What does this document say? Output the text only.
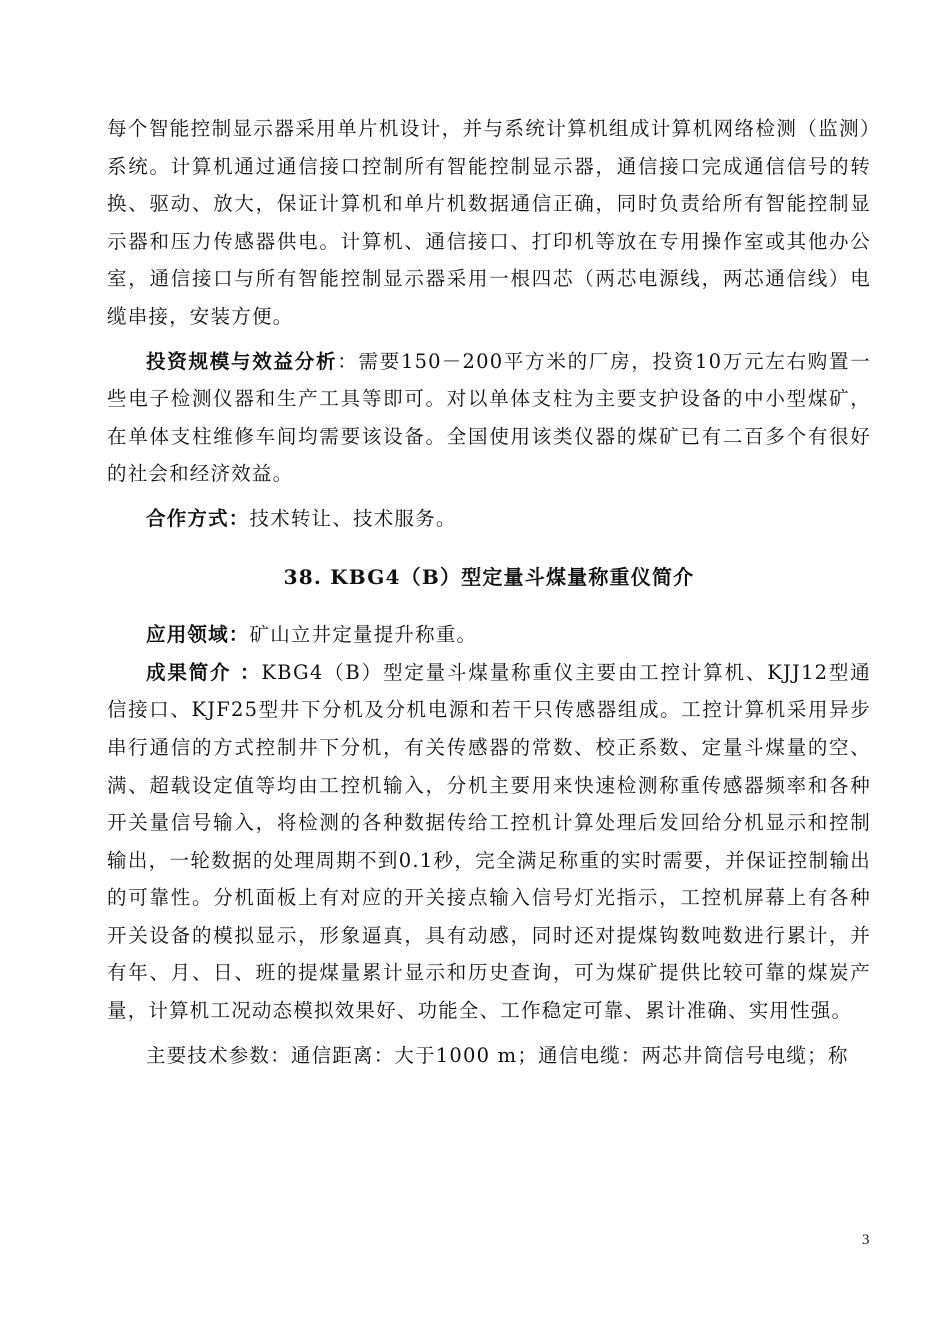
每个智能控制显示器采用单片机设计，并与系统计算机组成计算机网络检测（监测）系统。计算机通过通信接口控制所有智能控制显示器，通信接口完成通信信号的转换、驱动、放大，保证计算机和单片机数据通信正确，同时负责给所有智能控制显示器和压力传感器供电。计算机、通信接口、打印机等放在专用操作室或其他办公室，通信接口与所有智能控制显示器采用一根四芯（两芯电源线，两芯通信线）电缆串接，安装方便。

投资规模与效益分析：需要150－200平方米的厂房，投资10万元左右购置一些电子检测仪器和生产工具等即可。对以单体支柱为主要支护设备的中小型煤矿，在单体支柱维修车间均需要该设备。全国使用该类仪器的煤矿已有二百多个有很好的社会和经济效益。

合作方式：技术转让、技术服务。

38. KBG4（B）型定量斗煤量称重仪简介

应用领域：矿山立井定量提升称重。

成果简介 ：KBG4（B）型定量斗煤量称重仪主要由工控计算机、KJJ12型通信接口、KJF25型井下分机及分机电源和若干只传感器组成。工控计算机采用异步串行通信的方式控制井下分机，有关传感器的常数、校正系数、定量斗煤量的空、满、超载设定值等均由工控机输入，分机主要用来快速检测称重传感器频率和各种开关量信号输入，将检测的各种数据传给工控机计算处理后发回给分机显示和控制输出，一轮数据的处理周期不到0.1秒，完全满足称重的实时需要，并保证控制输出的可靠性。分机面板上有对应的开关接点输入信号灯光指示，工控机屏幕上有各种开关设备的模拟显示，形象逼真，具有动感，同时还对提煤钩数吨数进行累计，并有年、月、日、班的提煤量累计显示和历史查询，可为煤矿提供比较可靠的煤炭产量，计算机工况动态模拟效果好、功能全、工作稳定可靠、累计准确、实用性强。

主要技术参数：通信距离：大于1000 m；通信电缆：两芯井筒信号电缆；称

3
